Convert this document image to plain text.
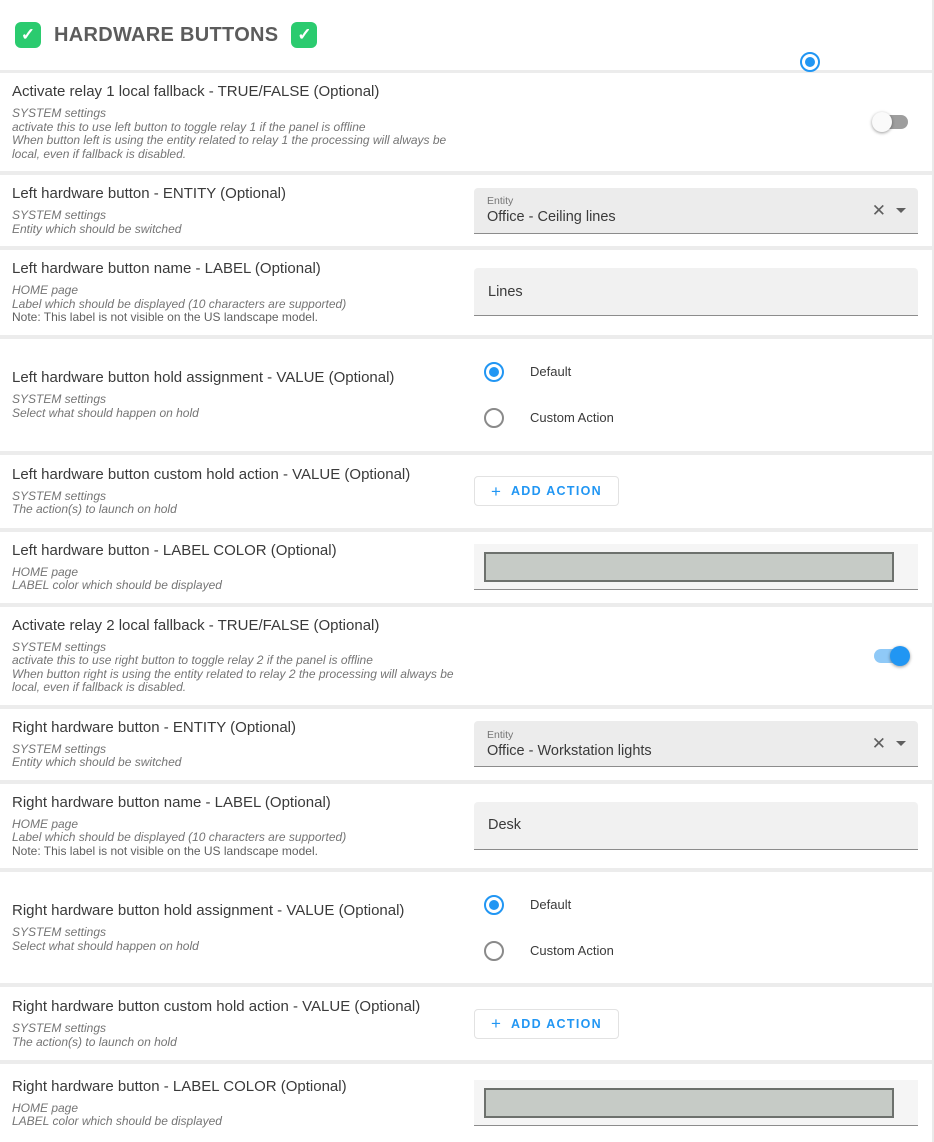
✓ HARDWARE BUTTONS	✓
Activate relay 1 local fallback - TRUE/FALSE (Optional)
SYSTEM settings
activate this to use left button to toggle relay 1 if the panel is offline
When button left is using the entity related to relay 1 the processing will always be local, even if fallback is disabled.
Left hardware button - ENTITY (Optional)
SYSTEM settings
Entity which should be switched
Entity
Office - Ceiling lines	✕
Left hardware button name - LABEL (Optional)
HOME page
Label which should be displayed (10 characters are supported)
Note: This label is not visible on the US landscape model.
Lines
Left hardware button hold assignment - VALUE (Optional)
SYSTEM settings
Select what should happen on hold
Default
Custom Action
Left hardware button custom hold action - VALUE (Optional)
SYSTEM settings
The action(s) to launch on hold
+ ADD ACTION
Left hardware button - LABEL COLOR (Optional)
HOME page
LABEL color which should be displayed
Activate relay 2 local fallback - TRUE/FALSE (Optional)
SYSTEM settings
activate this to use right button to toggle relay 2 if the panel is offline
When button right is using the entity related to relay 2 the processing will always be local, even if fallback is disabled.
Right hardware button - ENTITY (Optional)
SYSTEM settings
Entity which should be switched
Entity
Office - Workstation lights	✕
Right hardware button name - LABEL (Optional)
HOME page
Label which should be displayed (10 characters are supported)
Note: This label is not visible on the US landscape model.
Desk
Right hardware button hold assignment - VALUE (Optional)
SYSTEM settings
Select what should happen on hold
Default
Custom Action
Right hardware button custom hold action - VALUE (Optional)
SYSTEM settings
The action(s) to launch on hold
+ ADD ACTION
Right hardware button - LABEL COLOR (Optional)
HOME page
LABEL color which should be displayed
